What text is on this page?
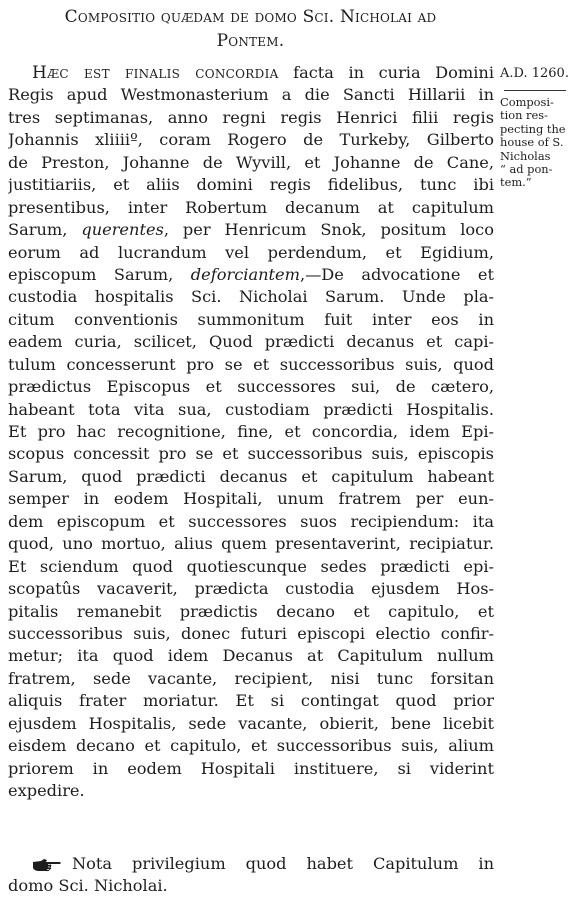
Compositio quædam de domo Sci. Nicholai ad
Pontem.
A.D. 1260.
Composi-
tion res-
pecting the
house of S.
Nicholas
“ ad pon-
tem.”
Hæc est finalis concordia facta in curia Domini
Regis apud Westmonasterium a die Sancti Hillarii in
tres septimanas, anno regni regis Henrici filii regis
Johannis xliiiiº, coram Rogero de Turkeby, Gilberto
de Preston, Johanne de Wyvill, et Johanne de Cane,
justitiariis, et aliis domini regis fidelibus, tunc ibi
presentibus, inter Robertum decanum at capitulum
Sarum, querentes, per Henricum Snok, positum loco
eorum ad lucrandum vel perdendum, et Egidium,
episcopum Sarum, deforciantem,—De advocatione et
custodia hospitalis Sci. Nicholai Sarum. Unde pla-
citum conventionis summonitum fuit inter eos in
eadem curia, scilicet, Quod prædicti decanus et capi-
tulum concesserunt pro se et successoribus suis, quod
prædictus Episcopus et successores sui, de cætero,
habeant tota vita sua, custodiam prædicti Hospitalis.
Et pro hac recognitione, fine, et concordia, idem Epi-
scopus concessit pro se et successoribus suis, episcopis
Sarum, quod prædicti decanus et capitulum habeant
semper in eodem Hospitali, unum fratrem per eun-
dem episcopum et successores suos recipiendum: ita
quod, uno mortuo, alius quem presentaverint, recipiatur.
Et sciendum quod quotiescunque sedes prædicti epi-
scopatûs vacaverit, prædicta custodia ejusdem Hos-
pitalis remanebit prædictis decano et capitulo, et
successoribus suis, donec futuri episcopi electio confir-
metur; ita quod idem Decanus at Capitulum nullum
fratrem, sede vacante, recipient, nisi tunc forsitan
aliquis frater moriatur. Et si contingat quod prior
ejusdem Hospitalis, sede vacante, obierit, bene licebit
eisdem decano et capitulo, et successoribus suis, alium
priorem in eodem Hospitali instituere, si viderint
expedire.
Nota privilegium quod habet Capitulum in
domo Sci. Nicholai.
